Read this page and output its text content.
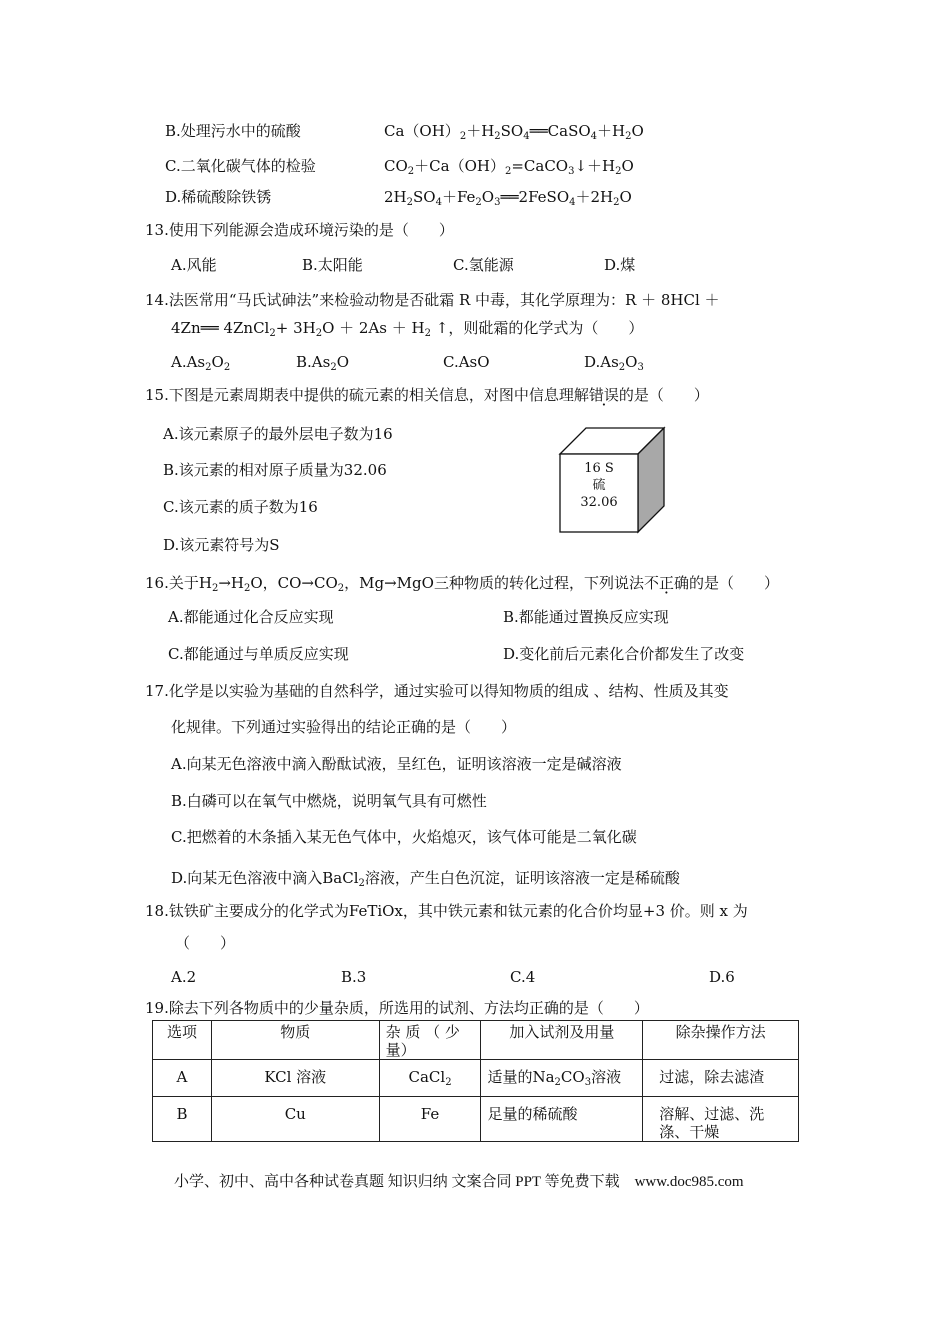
B.处理污水中的硫酸	$Ca(OH)_2+H_2SO_4══CaSO_4+H_2O$
C.二氧化碳气体的检验	$CO_2+Ca(OH)_2=CaCO_3↓+H_2O$
D.稀硫酸除铁锈	$2H_2SO_4+Fe_2O_3══2FeSO_4+2H_2O$
13.使用下列能源会造成环境污染的是（　　）
A.风能	B.太阳能	C.氢能源	D.煤
14.法医常用“马氏试砷法”来检验动物是否砒霜 R 中毒，其化学原理为：R ＋ 8HCl ＋
4Zn══ 4ZnCl$_2$+ $3H_2O + 2As + H_2$ ↑，则砒霜的化学式为（　　）
$A.As_2O_2$	$B.As_2O$	C.AsO	$D.As_2O_3$
15.下图是元素周期表中提供的硫元素的相关信息，对图中信息理解错误的是（　　）
A.该元素原子的最外层电子数为16
B.该元素的相对原子质量为32.06
C.该元素的质子数为16
D.该元素符号为S
16 S
硫
32.06
16.关于$H_2\to H_2O$，$CO\to CO_2$，Mg→MgO三种物质的转化过程，下列说法不正确的是（　　）
A.都能通过化合反应实现	B.都能通过置换反应实现
C.都能通过与单质反应实现	D.变化前后元素化合价都发生了改变
17.化学是以实验为基础的自然科学，通过实验可以得知物质的组成 、结构、性质及其变
化规律。下列通过实验得出的结论正确的是（　　）
A.向某无色溶液中滴入酚酞试液，呈红色，证明该溶液一定是碱溶液
B.白磷可以在氧气中燃烧，说明氧气具有可燃性
C.把燃着的木条插入某无色气体中，火焰熄灭，该气体可能是二氧化碳
D.向某无色溶液中滴入BaCl$_2$溶液，产生白色沉淀，证明该溶液一定是稀硫酸
18.钛铁矿主要成分的化学式为FeTiOx，其中铁元素和钛元素的化合价均显+3 价。则 x 为
（　　）
A.2	B.3	C.4	D.6
19.除去下列各物质中的少量杂质，所选用的试剂、方法均正确的是（　　）
选项	物质	杂 质 （ 少量）	加入试剂及用量	除杂操作方法
A	KCl 溶液	CaCl$_2$	适量的$Na_2CO_3$溶液	过滤，除去滤渣
B	Cu	Fe	足量的稀硫酸	溶解、过滤、洗涤、干燥
小学、初中、高中各种试卷真题 知识归纳 文案合同 PPT 等免费下载　www.doc985.com
